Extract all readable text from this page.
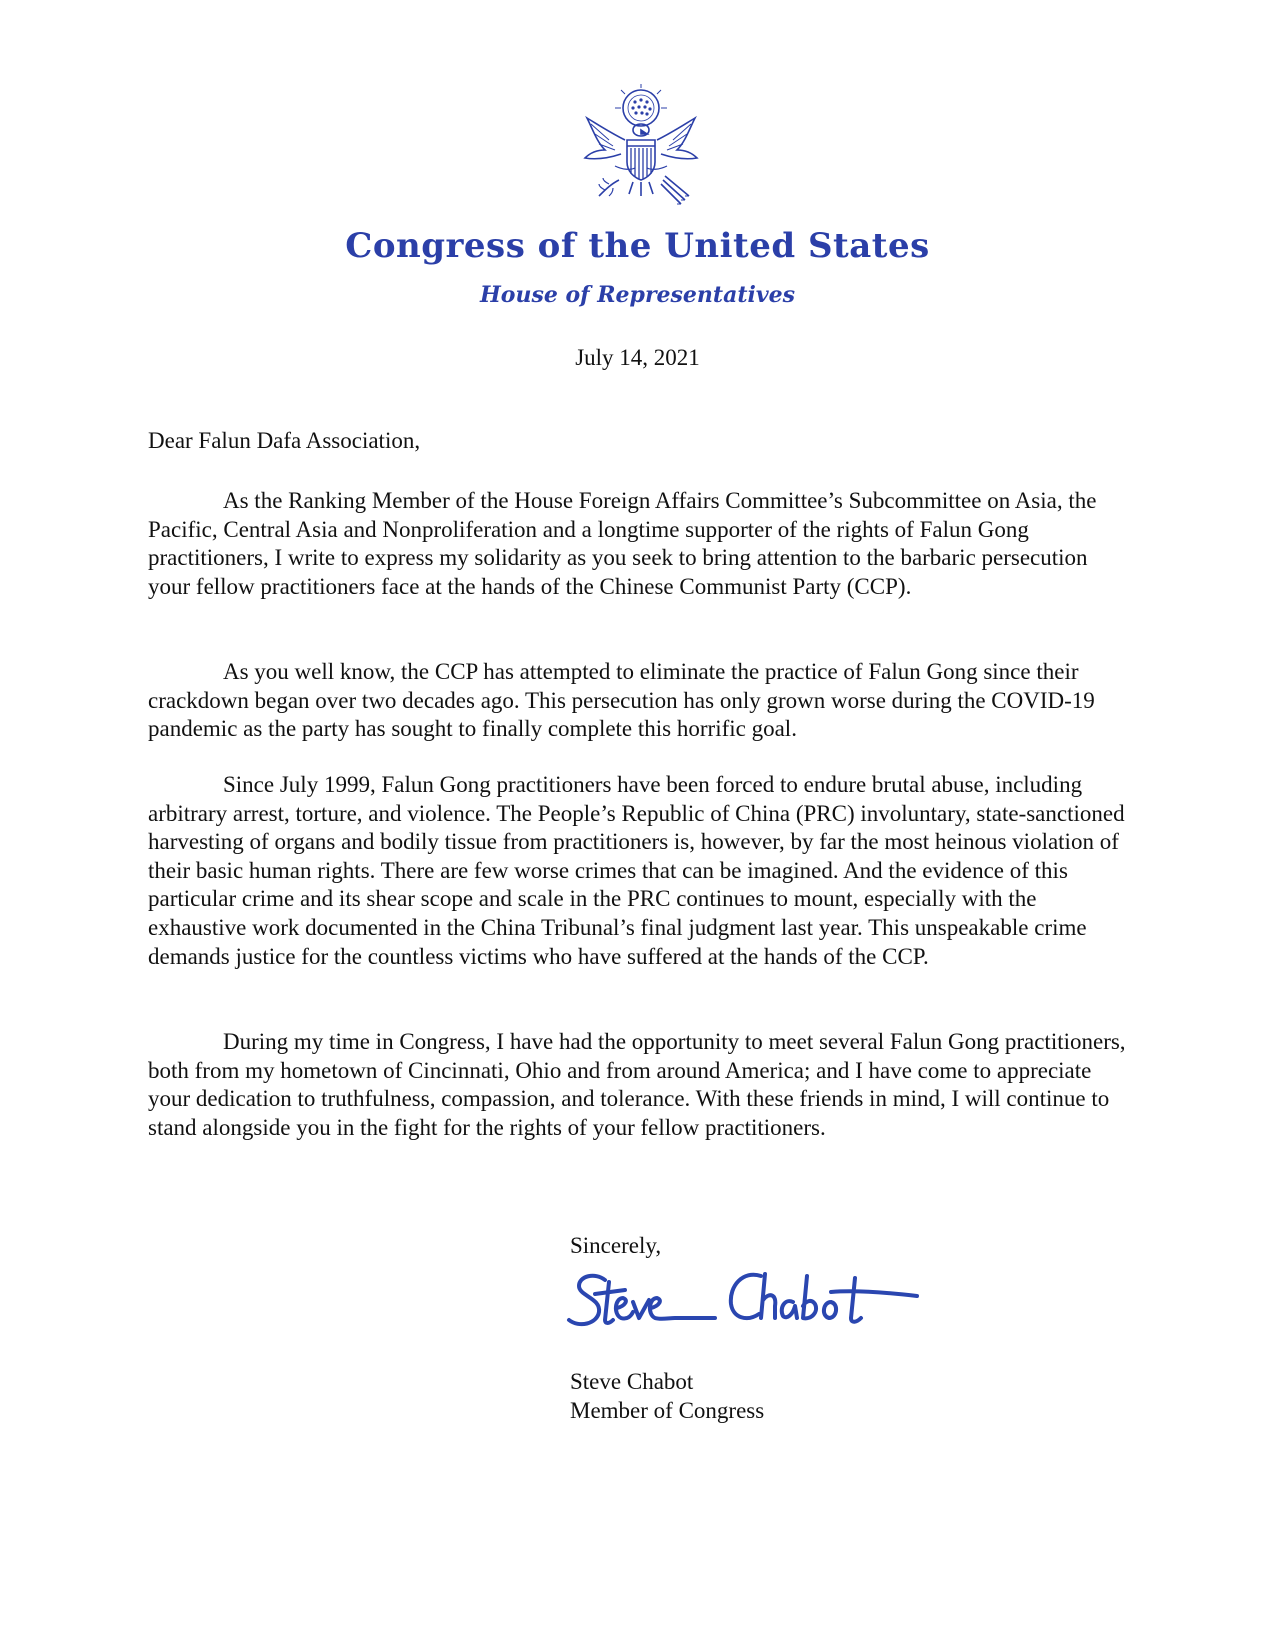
Congress of the United States
House of Representatives
July 14, 2021
Dear Falun Dafa Association,

As the Ranking Member of the House Foreign Affairs Committee’s Subcommittee on Asia, the Pacific, Central Asia and Nonproliferation and a longtime supporter of the rights of Falun Gong practitioners, I write to express my solidarity as you seek to bring attention to the barbaric persecution your fellow practitioners face at the hands of the Chinese Communist Party (CCP).

As you well know, the CCP has attempted to eliminate the practice of Falun Gong since their crackdown began over two decades ago. This persecution has only grown worse during the COVID-19 pandemic as the party has sought to finally complete this horrific goal.

Since July 1999, Falun Gong practitioners have been forced to endure brutal abuse, including arbitrary arrest, torture, and violence. The People’s Republic of China (PRC) involuntary, state-sanctioned harvesting of organs and bodily tissue from practitioners is, however, by far the most heinous violation of their basic human rights. There are few worse crimes that can be imagined. And the evidence of this particular crime and its shear scope and scale in the PRC continues to mount, especially with the exhaustive work documented in the China Tribunal’s final judgment last year. This unspeakable crime demands justice for the countless victims who have suffered at the hands of the CCP.

During my time in Congress, I have had the opportunity to meet several Falun Gong practitioners, both from my hometown of Cincinnati, Ohio and from around America; and I have come to appreciate your dedication to truthfulness, compassion, and tolerance. With these friends in mind, I will continue to stand alongside you in the fight for the rights of your fellow practitioners.

Sincerely,
Steve Chabot
Member of Congress
